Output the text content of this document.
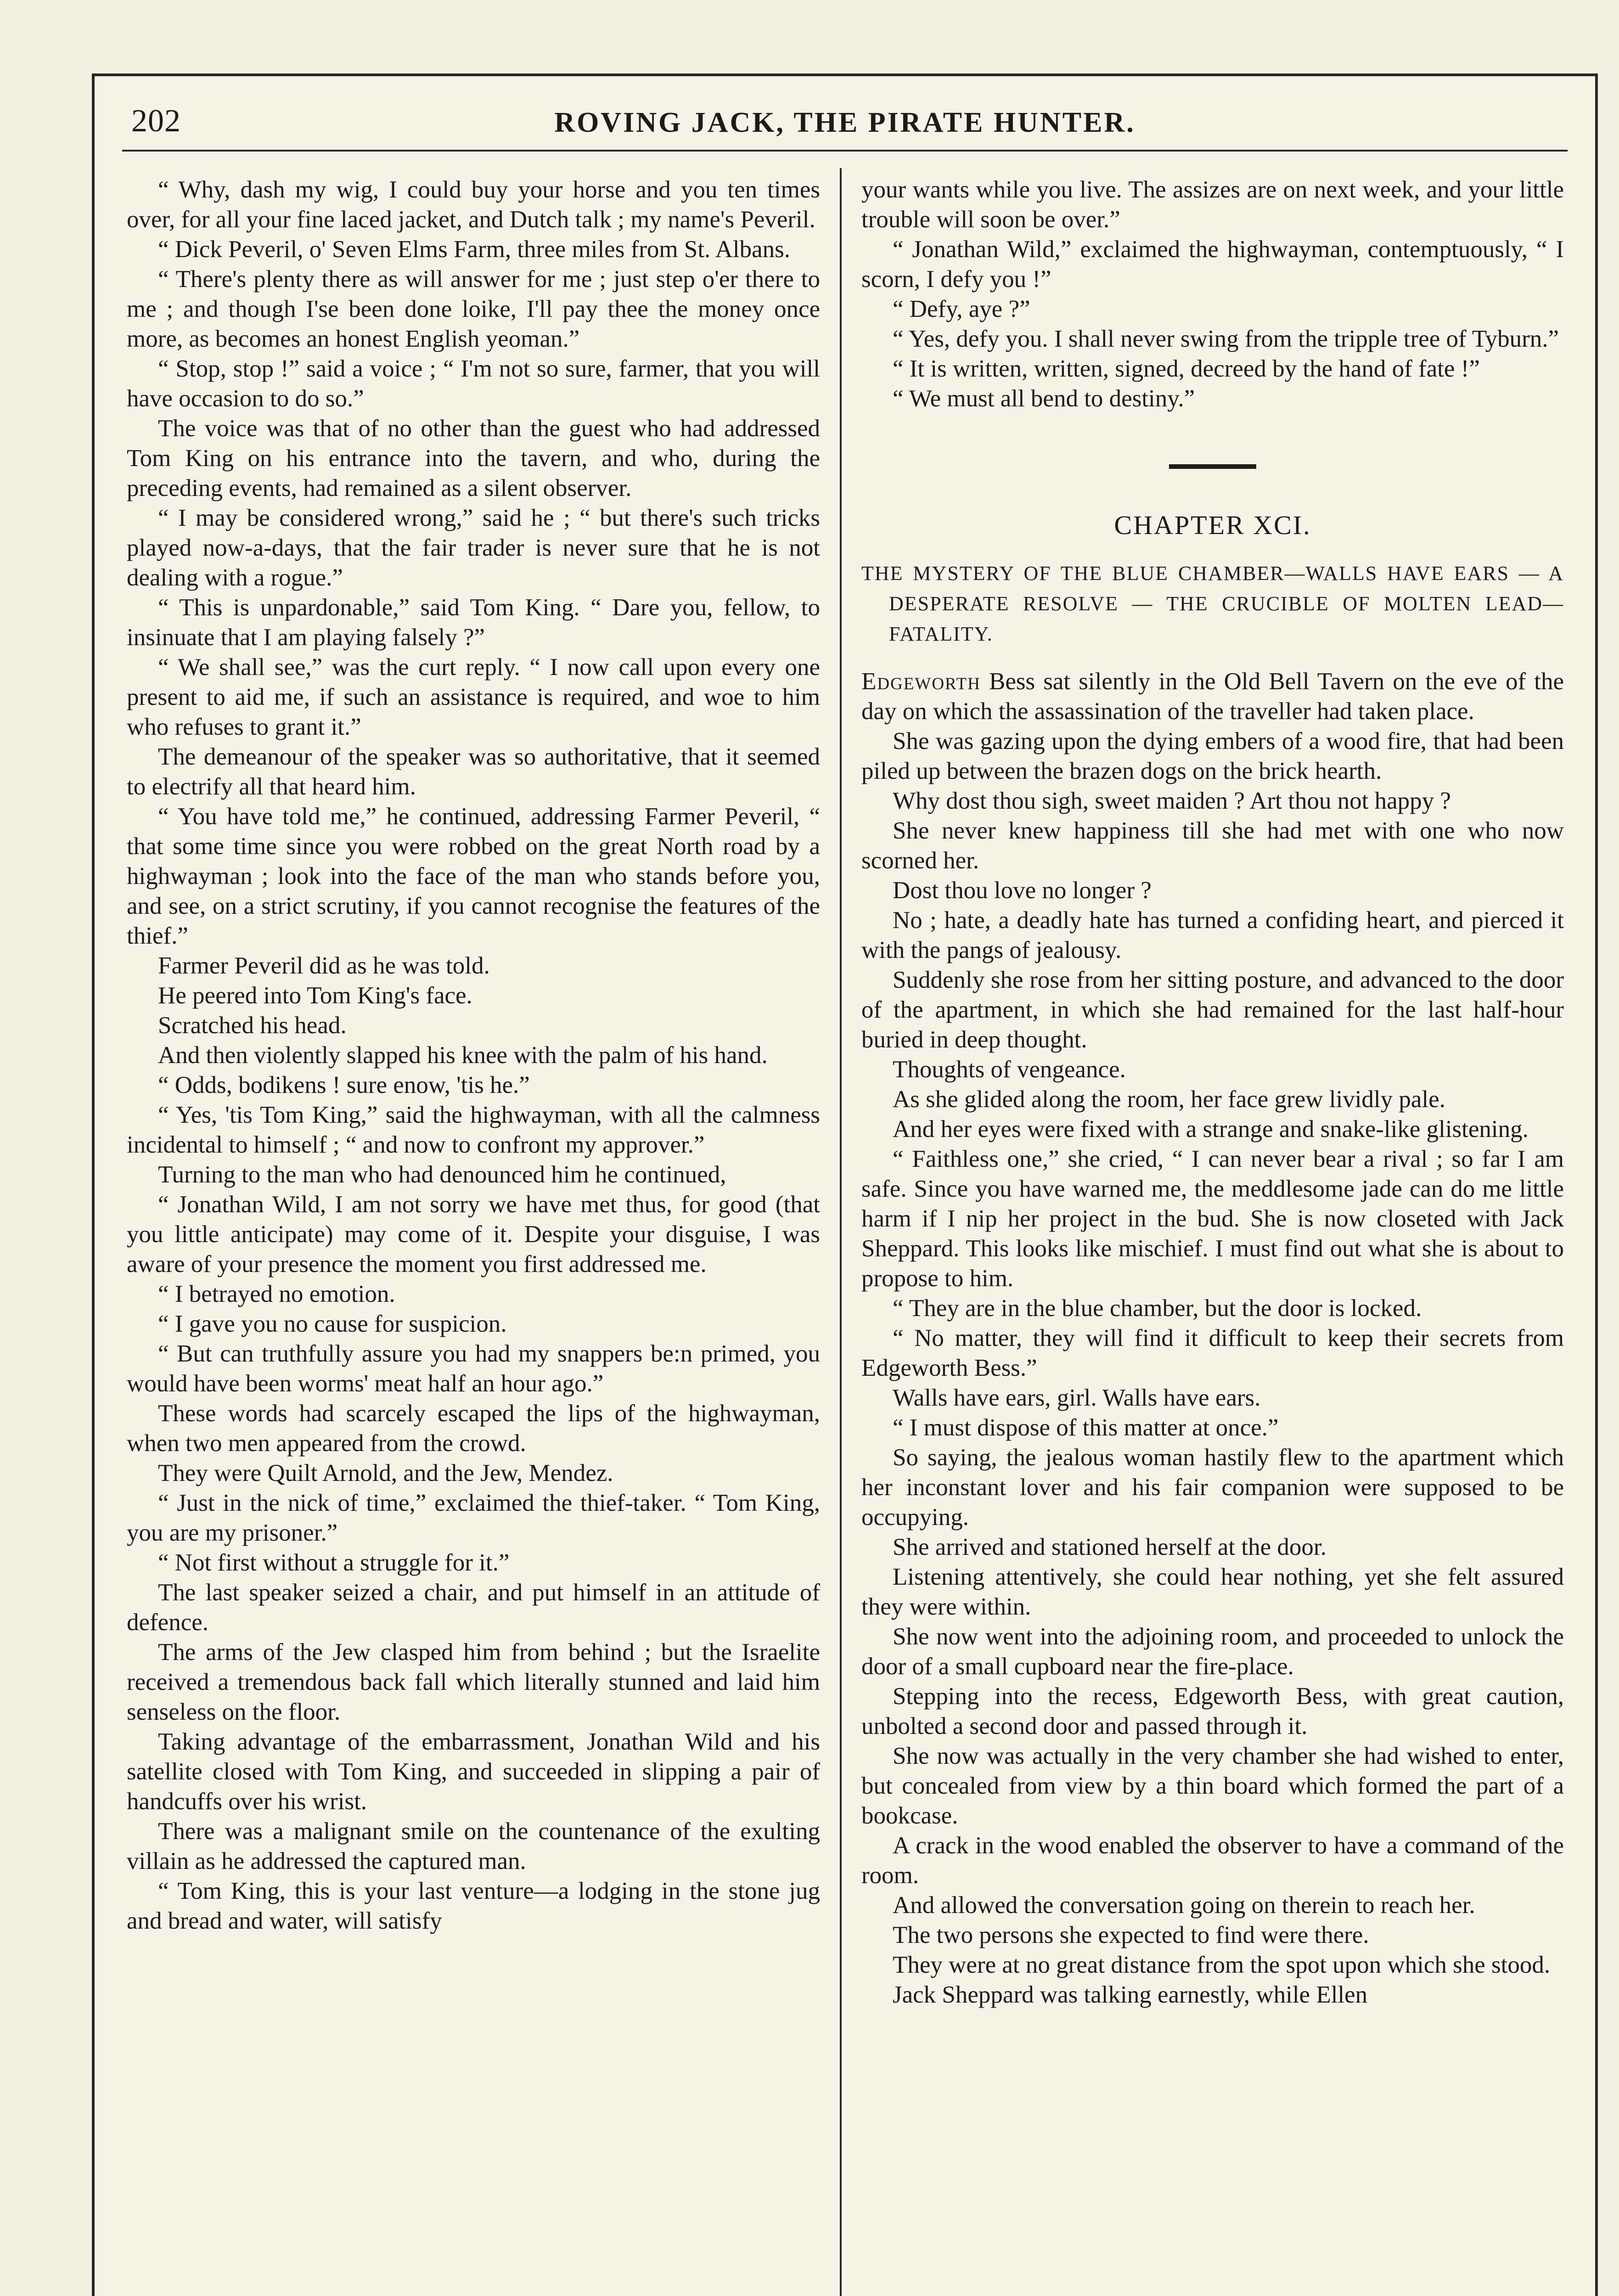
202	ROVING JACK, THE PIRATE HUNTER.

“ Why, dash my wig, I could buy your horse and you ten times over, for all your fine laced jacket, and Dutch talk ; my name's Peveril.

“ Dick Peveril, o' Seven Elms Farm, three miles from St. Albans.

“ There's plenty there as will answer for me ; just step o'er there to me ; and though I'se been done loike, I'll pay thee the money once more, as becomes an honest English yeoman.”

“ Stop, stop !” said a voice ; “ I'm not so sure, farmer, that you will have occasion to do so.”

The voice was that of no other than the guest who had addressed Tom King on his entrance into the tavern, and who, during the preceding events, had remained as a silent observer.

“ I may be considered wrong,” said he ; “ but there's such tricks played now-a-days, that the fair trader is never sure that he is not dealing with a rogue.”

“ This is unpardonable,” said Tom King. “ Dare you, fellow, to insinuate that I am playing falsely ?”

“ We shall see,” was the curt reply. “ I now call upon every one present to aid me, if such an assistance is required, and woe to him who refuses to grant it.”

The demeanour of the speaker was so authoritative, that it seemed to electrify all that heard him.

“ You have told me,” he continued, addressing Farmer Peveril, “ that some time since you were robbed on the great North road by a highwayman ; look into the face of the man who stands before you, and see, on a strict scrutiny, if you cannot recognise the features of the thief.”

Farmer Peveril did as he was told.

He peered into Tom King's face.

Scratched his head.

And then violently slapped his knee with the palm of his hand.

“ Odds, bodikens ! sure enow, 'tis he.”

“ Yes, 'tis Tom King,” said the highwayman, with all the calmness incidental to himself ; “ and now to confront my approver.”

Turning to the man who had denounced him he continued,

“ Jonathan Wild, I am not sorry we have met thus, for good (that you little anticipate) may come of it. Despite your disguise, I was aware of your presence the moment you first addressed me.

“ I betrayed no emotion.

“ I gave you no cause for suspicion.

“ But can truthfully assure you had my snappers be:n primed, you would have been worms' meat half an hour ago.”

These words had scarcely escaped the lips of the highwayman, when two men appeared from the crowd.

They were Quilt Arnold, and the Jew, Mendez.

“ Just in the nick of time,” exclaimed the thief-taker. “ Tom King, you are my prisoner.”

“ Not first without a struggle for it.”

The last speaker seized a chair, and put himself in an attitude of defence.

The arms of the Jew clasped him from behind ; but the Israelite received a tremendous back fall which literally stunned and laid him senseless on the floor.

Taking advantage of the embarrassment, Jonathan Wild and his satellite closed with Tom King, and succeeded in slipping a pair of handcuffs over his wrist.

There was a malignant smile on the countenance of the exulting villain as he addressed the captured man.

“ Tom King, this is your last venture—a lodging in the stone jug and bread and water, will satisfy

your wants while you live. The assizes are on next week, and your little trouble will soon be over.”

“ Jonathan Wild,” exclaimed the highwayman, contemptuously, “ I scorn, I defy you !”

“ Defy, aye ?”

“ Yes, defy you. I shall never swing from the tripple tree of Tyburn.”

“ It is written, written, signed, decreed by the hand of fate !”

“ We must all bend to destiny.”

CHAPTER XCI.
THE MYSTERY OF THE BLUE CHAMBER—WALLS HAVE EARS — A DESPERATE RESOLVE — THE CRUCIBLE OF MOLTEN LEAD—FATALITY.

Edgeworth Bess sat silently in the Old Bell Tavern on the eve of the day on which the assassination of the traveller had taken place.

She was gazing upon the dying embers of a wood fire, that had been piled up between the brazen dogs on the brick hearth.

Why dost thou sigh, sweet maiden ? Art thou not happy ?

She never knew happiness till she had met with one who now scorned her.

Dost thou love no longer ?

No ; hate, a deadly hate has turned a confiding heart, and pierced it with the pangs of jealousy.

Suddenly she rose from her sitting posture, and advanced to the door of the apartment, in which she had remained for the last half-hour buried in deep thought.

Thoughts of vengeance.

As she glided along the room, her face grew lividly pale.

And her eyes were fixed with a strange and snake-like glistening.

“ Faithless one,” she cried, “ I can never bear a rival ; so far I am safe. Since you have warned me, the meddlesome jade can do me little harm if I nip her project in the bud. She is now closeted with Jack Sheppard. This looks like mischief. I must find out what she is about to propose to him.

“ They are in the blue chamber, but the door is locked.

“ No matter, they will find it difficult to keep their secrets from Edgeworth Bess.”

Walls have ears, girl. Walls have ears.

“ I must dispose of this matter at once.”

So saying, the jealous woman hastily flew to the apartment which her inconstant lover and his fair companion were supposed to be occupying.

She arrived and stationed herself at the door.

Listening attentively, she could hear nothing, yet she felt assured they were within.

She now went into the adjoining room, and proceeded to unlock the door of a small cupboard near the fire-place.

Stepping into the recess, Edgeworth Bess, with great caution, unbolted a second door and passed through it.

She now was actually in the very chamber she had wished to enter, but concealed from view by a thin board which formed the part of a bookcase.

A crack in the wood enabled the observer to have a command of the room.

And allowed the conversation going on therein to reach her.

The two persons she expected to find were there.

They were at no great distance from the spot upon which she stood.

Jack Sheppard was talking earnestly, while Ellen
